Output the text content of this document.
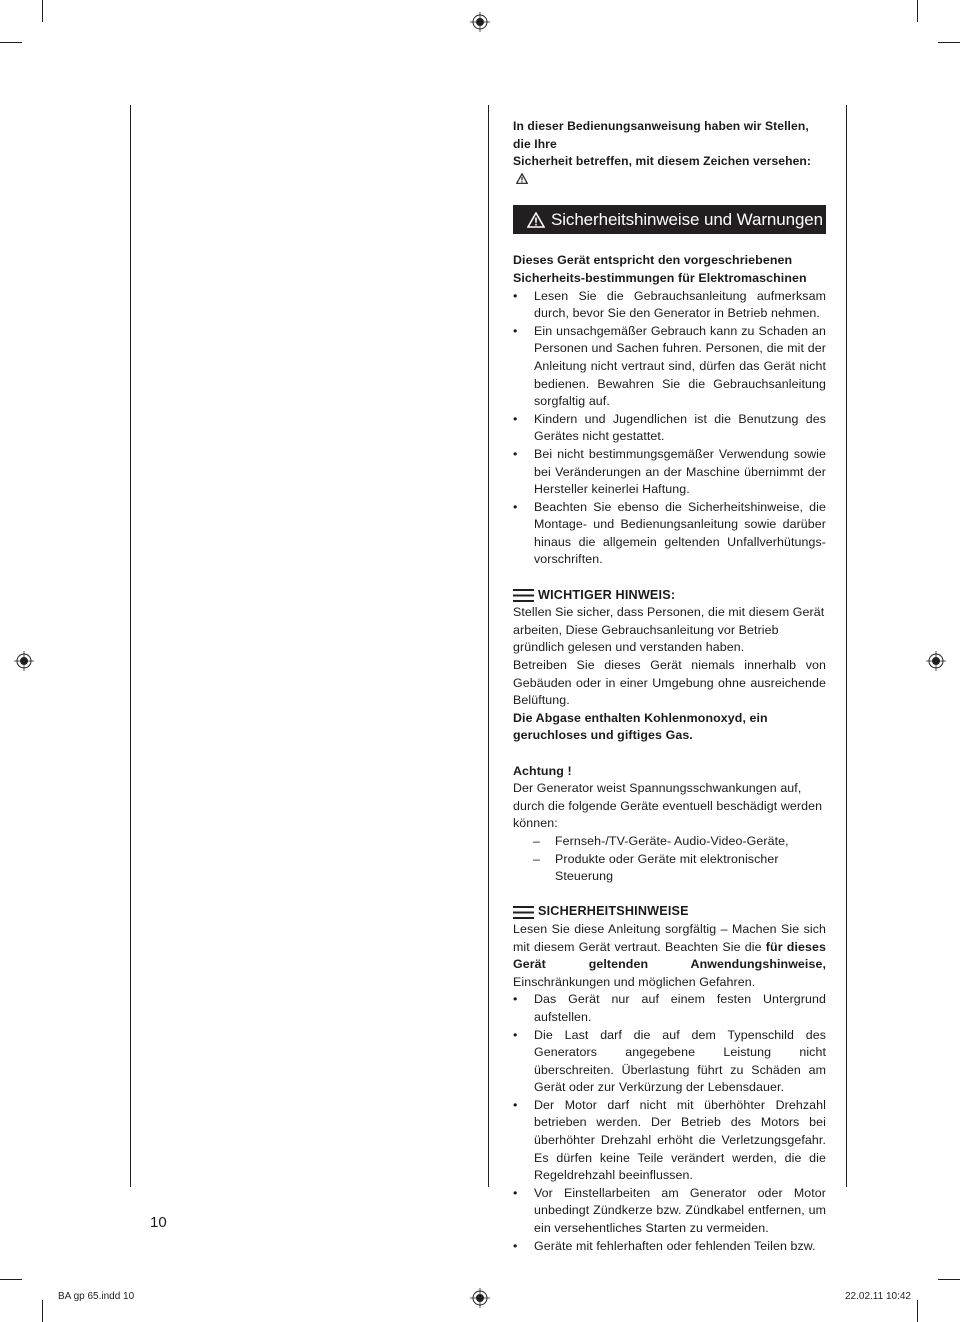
In dieser Bedienungsanweisung haben wir Stellen, die Ihre
Sicherheit betreffen, mit diesem Zeichen versehen:

Sicherheitshinweise und Warnungen

Dieses Gerät entspricht den vorgeschriebenen Sicherheits-bestimmungen für Elektromaschinen

• Lesen Sie die Gebrauchsanleitung aufmerksam durch, bevor Sie den Generator in Betrieb nehmen.
• Ein unsachgemäßer Gebrauch kann zu Schaden an Personen und Sachen fuhren. Personen, die mit der Anleitung nicht vertraut sind, dürfen das Gerät nicht bedienen. Bewahren Sie die Gebrauchsanleitung sorgfaltig auf.
• Kindern und Jugendlichen ist die Benutzung des Gerätes nicht gestattet.
• Bei nicht bestimmungsgemäßer Verwendung sowie bei Veränderungen an der Maschine übernimmt der Hersteller keinerlei Haftung.
• Beachten Sie ebenso die Sicherheitshinweise, die Montage- und Bedienungsanleitung sowie darüber hinaus die allgemein geltenden Unfallverhütungs-vorschriften.
WICHTIGER HINWEIS:

Stellen Sie sicher, dass Personen, die mit diesem Gerät arbeiten, Diese Gebrauchsanleitung vor Betrieb gründlich gelesen und verstanden haben.

Betreiben Sie dieses Gerät niemals innerhalb von Gebäuden oder in einer Umgebung ohne ausreichende Belüftung.

Die Abgase enthalten Kohlenmonoxyd, ein geruchloses und giftiges Gas.

Achtung !

Der Generator weist Spannungsschwankungen auf, durch die folgende Geräte eventuell beschädigt werden können:

– Fernseh-/TV-Geräte- Audio-Video-Geräte,
– Produkte oder Geräte mit elektronischer Steuerung
SICHERHEITSHINWEISE

Lesen Sie diese Anleitung sorgfältig – Machen Sie sich mit diesem Gerät vertraut. Beachten Sie die für dieses Gerät geltenden Anwendungshinweise, Einschränkungen und möglichen Gefahren.

• Das Gerät nur auf einem festen Untergrund aufstellen.
• Die Last darf die auf dem Typenschild des Generators angegebene Leistung nicht überschreiten. Überlastung führt zu Schäden am Gerät oder zur Verkürzung der Lebensdauer.
• Der Motor darf nicht mit überhöhter Drehzahl betrieben werden. Der Betrieb des Motors bei überhöhter Drehzahl erhöht die Verletzungsgefahr. Es dürfen keine Teile verändert werden, die die Regeldrehzahl beeinflussen.
• Vor Einstellarbeiten am Generator oder Motor unbedingt Zündkerze bzw. Zündkabel entfernen, um ein versehentliches Starten zu vermeiden.
• Geräte mit fehlerhaften oder fehlenden Teilen bzw.
10
BA gp 65.indd 10	22.02.11 10:42
